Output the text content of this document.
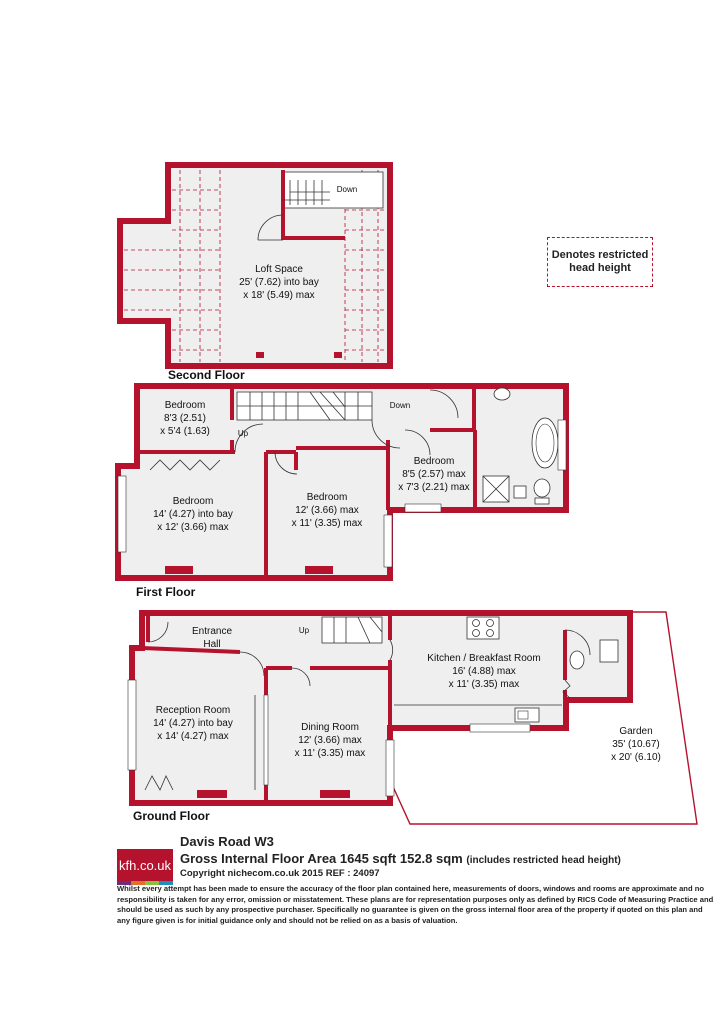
Down
Loft Space
25' (7.62) into bay
x 18' (5.49) max
Second Floor
Down
Up
Bedroom
8'3 (2.51)
x 5'4 (1.63)
Bedroom
14' (4.27) into bay
x 12' (3.66) max
Bedroom
12' (3.66) max
x 11' (3.35) max
Bedroom
8'5 (2.57) max
x 7'3 (2.21) max
First Floor
Up
Entrance
Hall
Reception Room
14' (4.27) into bay
x 14' (4.27) max
Dining Room
12' (3.66) max
x 11' (3.35) max
Kitchen / Breakfast Room
16' (4.88) max
x 11' (3.35) max
Garden
35' (10.67)
x 20' (6.10)
Ground Floor
Denotes restricted head height
kfh.co.uk
Davis Road W3
Gross Internal Floor Area 1645 sqft 152.8 sqm (includes restricted head height)
Copyright nichecom.co.uk 2015 REF : 24097
Whilst every attempt has been made to ensure the accuracy of the floor plan contained here, measurements of doors, windows and rooms are approximate and no responsibility is taken for any error, omission or misstatement. These plans are for representation purposes only as defined by RICS Code of Measuring Practice and should be used as such by any prospective purchaser. Specifically no guarantee is given on the gross internal floor area of the property if quoted on this plan and any figure given is for initial guidance only and should not be relied on as a basis of valuation.
